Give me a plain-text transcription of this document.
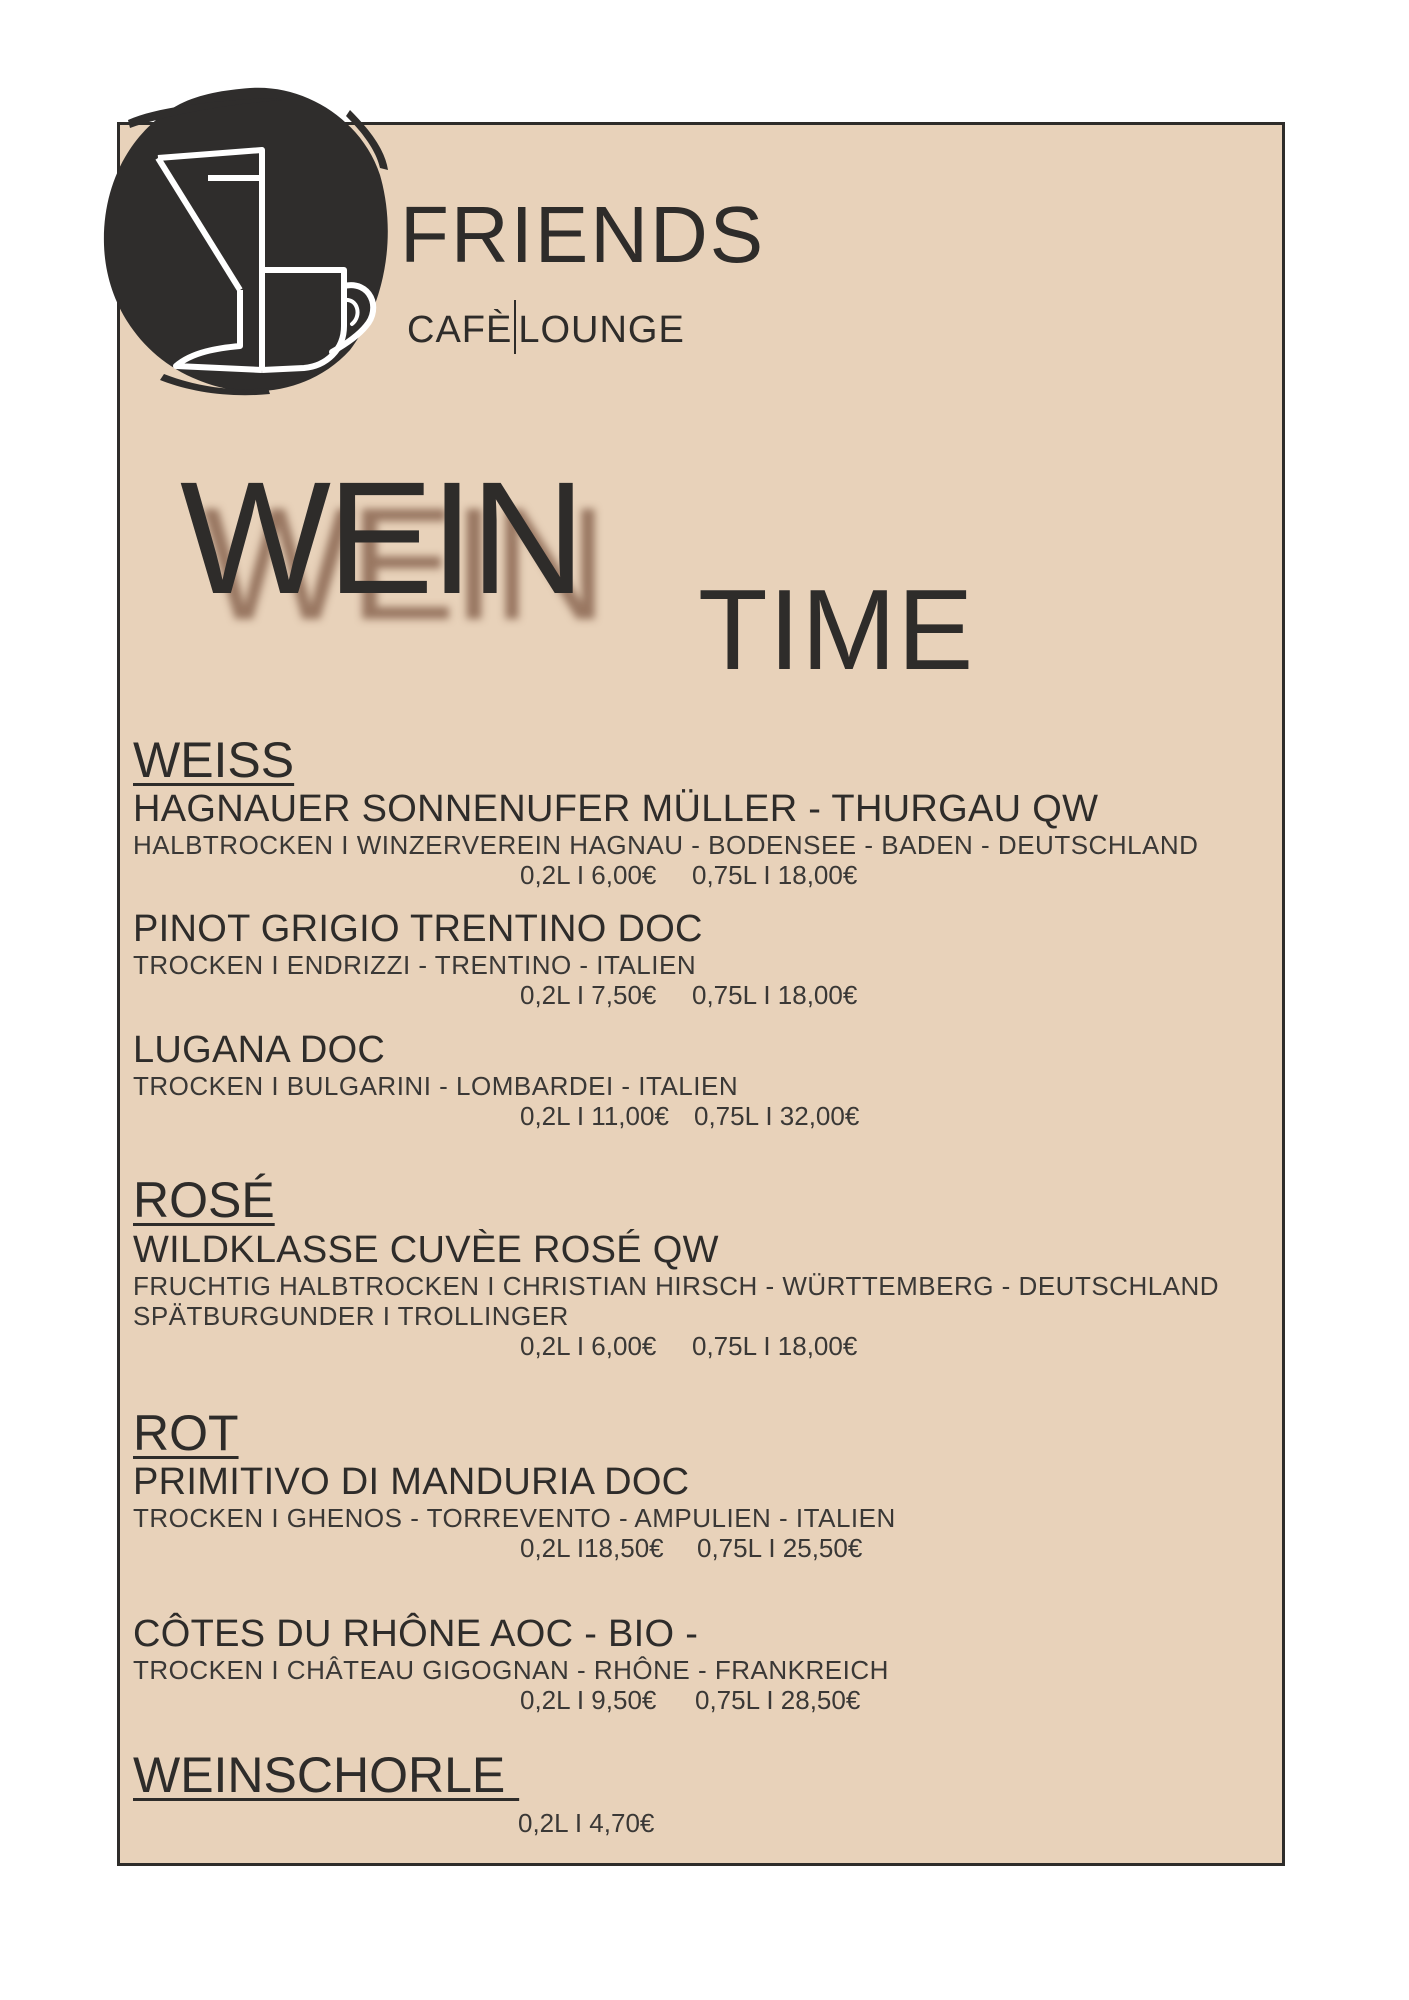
FRIENDS
CAFÈ LOUNGE
WEIN
TIME
WEISS
HAGNAUER SONNENUFER MÜLLER - THURGAU QW
HALBTROCKEN I WINZERVEREIN HAGNAU - BODENSEE - BADEN - DEUTSCHLAND
0,2L I 6,00€ 0,75L I 18,00€
PINOT GRIGIO TRENTINO DOC
TROCKEN I ENDRIZZI - TRENTINO - ITALIEN
0,2L I 7,50€ 0,75L I 18,00€
LUGANA DOC
TROCKEN I BULGARINI - LOMBARDEI - ITALIEN
0,2L I 11,00€ 0,75L I 32,00€
ROSÉ
WILDKLASSE CUVÈE ROSÉ QW
FRUCHTIG HALBTROCKEN I CHRISTIAN HIRSCH - WÜRTTEMBERG - DEUTSCHLAND
SPÄTBURGUNDER I TROLLINGER
0,2L I 6,00€ 0,75L I 18,00€
ROT
PRIMITIVO DI MANDURIA DOC
TROCKEN I GHENOS - TORREVENTO - AMPULIEN - ITALIEN
0,2L I18,50€ 0,75L I 25,50€
CÔTES DU RHÔNE AOC - BIO -
TROCKEN I CHÂTEAU GIGOGNAN - RHÔNE - FRANKREICH
0,2L I 9,50€ 0,75L I 28,50€
WEINSCHORLE
0,2L I 4,70€
